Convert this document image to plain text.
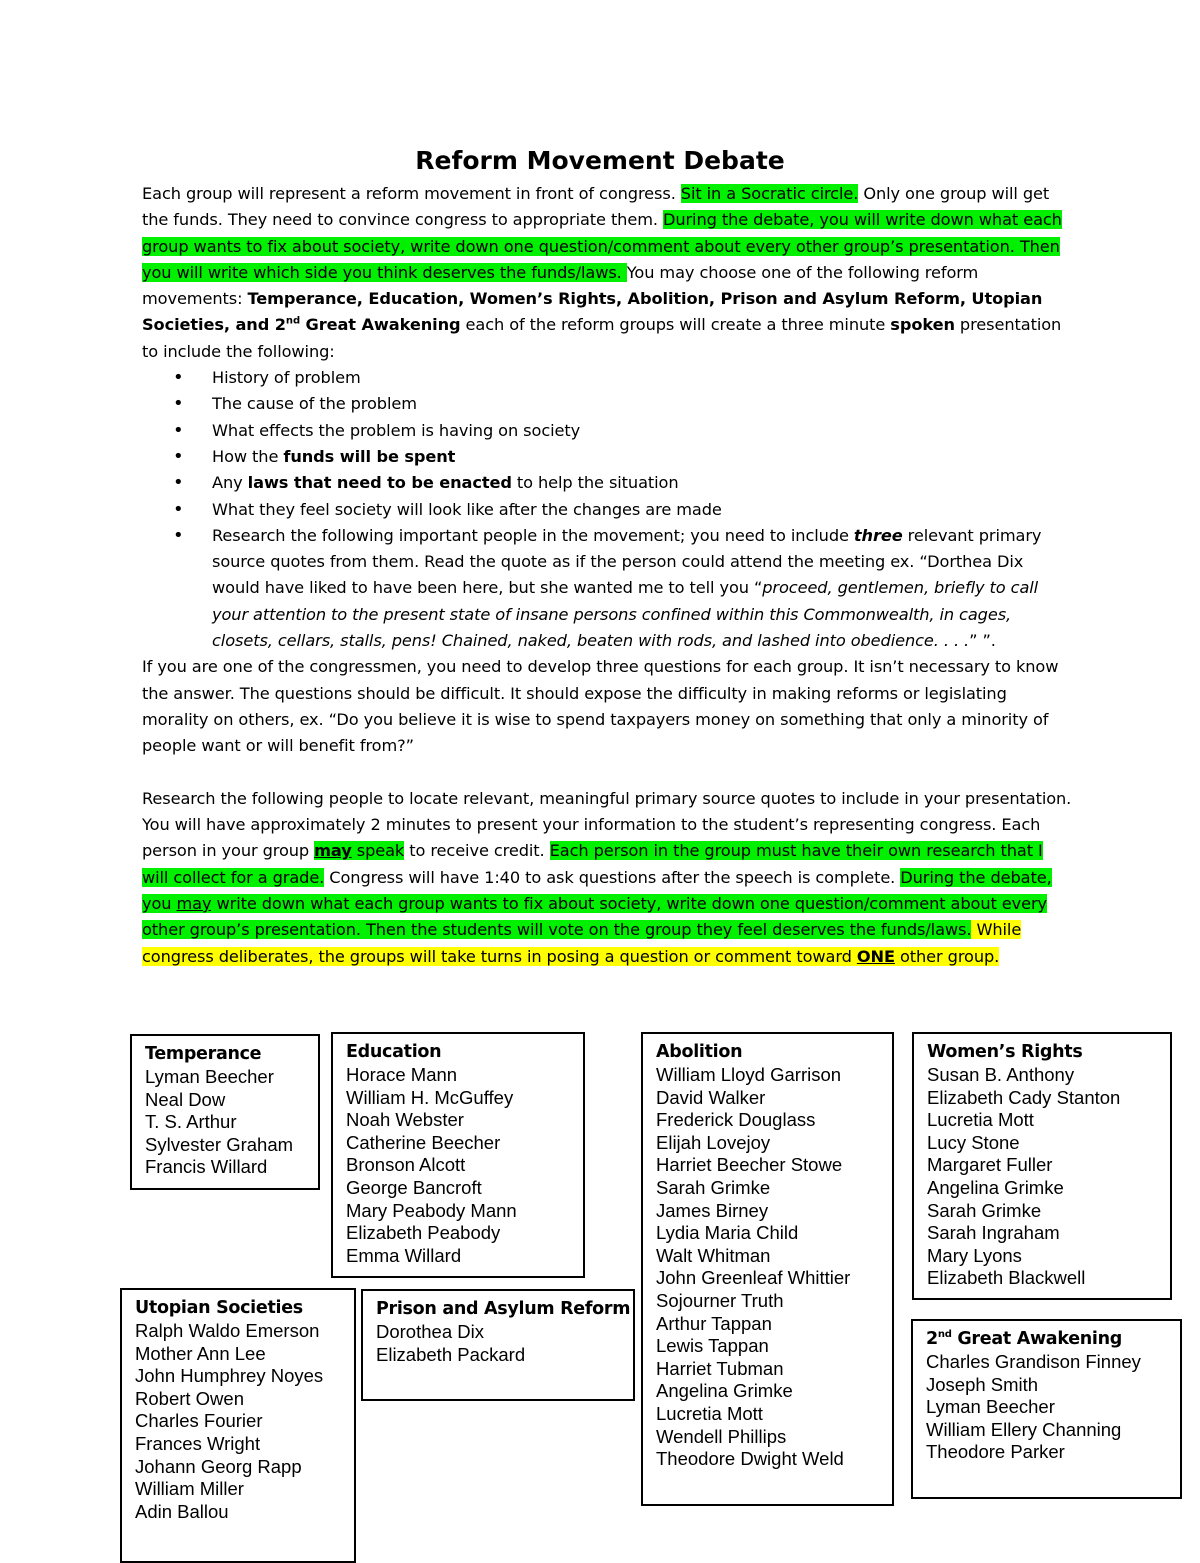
Reform Movement Debate
Each group will represent a reform movement in front of congress. Sit in a Socratic circle. Only one group will get the funds. They need to convince congress to appropriate them. During the debate, you will write down what each group wants to fix about society, write down one question/comment about every other group’s presentation. Then you will write which side you think deserves the funds/laws. You may choose one of the following reform movements: Temperance, Education, Women’s Rights, Abolition, Prison and Asylum Reform, Utopian Societies, and 2nd Great Awakening each of the reform groups will create a three minute spoken presentation to include the following:
• History of problem
• The cause of the problem
• What effects the problem is having on society
• How the funds will be spent
• Any laws that need to be enacted to help the situation
• What they feel society will look like after the changes are made
• Research the following important people in the movement; you need to include three relevant primary source quotes from them. Read the quote as if the person could attend the meeting ex. “Dorthea Dix would have liked to have been here, but she wanted me to tell you “proceed, gentlemen, briefly to call your attention to the present state of insane persons confined within this Commonwealth, in cages, closets, cellars, stalls, pens! Chained, naked, beaten with rods, and lashed into obedience. . . .” ”.
If you are one of the congressmen, you need to develop three questions for each group. It isn’t necessary to know the answer. The questions should be difficult. It should expose the difficulty in making reforms or legislating morality on others, ex. “Do you believe it is wise to spend taxpayers money on something that only a minority of people want or will benefit from?”
Research the following people to locate relevant, meaningful primary source quotes to include in your presentation. You will have approximately 2 minutes to present your information to the student’s representing congress. Each person in your group may speak to receive credit. Each person in the group must have their own research that I will collect for a grade. Congress will have 1:40 to ask questions after the speech is complete. During the debate, you may write down what each group wants to fix about society, write down one question/comment about every other group’s presentation. Then the students will vote on the group they feel deserves the funds/laws. While congress deliberates, the groups will take turns in posing a question or comment toward ONE other group.
Temperance
Lyman Beecher
Neal Dow
T. S. Arthur
Sylvester Graham
Francis Willard
Education
Horace Mann
William H. McGuffey
Noah Webster
Catherine Beecher
Bronson Alcott
George Bancroft
Mary Peabody Mann
Elizabeth Peabody
Emma Willard
Abolition
William Lloyd Garrison
David Walker
Frederick Douglass
Elijah Lovejoy
Harriet Beecher Stowe
Sarah Grimke
James Birney
Lydia Maria Child
Walt Whitman
John Greenleaf Whittier
Sojourner Truth
Arthur Tappan
Lewis Tappan
Harriet Tubman
Angelina Grimke
Lucretia Mott
Wendell Phillips
Theodore Dwight Weld
Women’s Rights
Susan B. Anthony
Elizabeth Cady Stanton
Lucretia Mott
Lucy Stone
Margaret Fuller
Angelina Grimke
Sarah Grimke
Sarah Ingraham
Mary Lyons
Elizabeth Blackwell
Utopian Societies
Ralph Waldo Emerson
Mother Ann Lee
John Humphrey Noyes
Robert Owen
Charles Fourier
Frances Wright
Johann Georg Rapp
William Miller
Adin Ballou
Prison and Asylum Reform
Dorothea Dix
Elizabeth Packard
2nd Great Awakening
Charles Grandison Finney
Joseph Smith
Lyman Beecher
William Ellery Channing
Theodore Parker
